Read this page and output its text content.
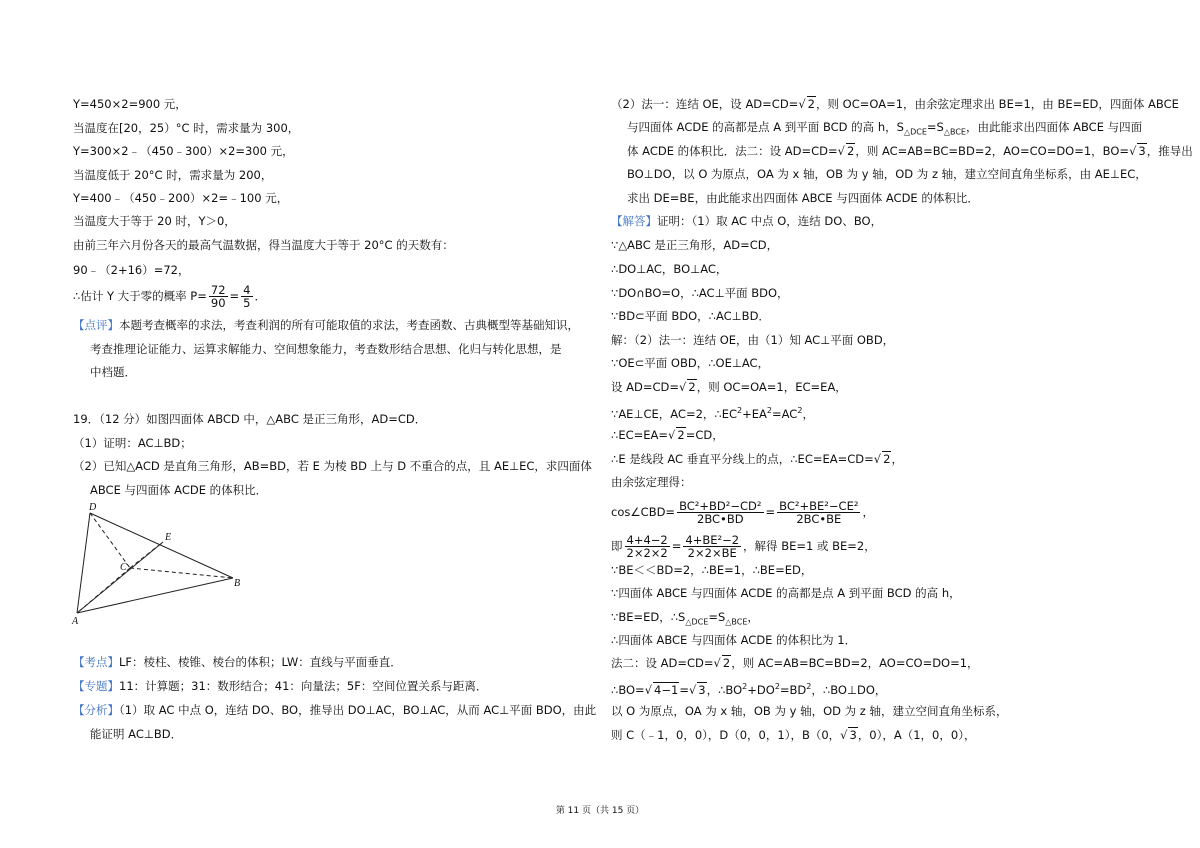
Y=450×2=900 元，
当温度在[20，25）°C 时，需求量为 300，
Y=300×2﹣（450﹣300）×2=300 元，
当温度低于 20°C 时，需求量为 200，
Y=400﹣（450﹣200）×2=﹣100 元，
当温度大于等于 20 时，Y＞0，
由前三年六月份各天的最高气温数据，得当温度大于等于 20°C 的天数有：
90﹣（2+16）=72，
∴估计 Y 大于零的概率 $P= \frac{72}{90} = \frac{4}{5}$ ．
【点评】本题考查概率的求法，考查利润的所有可能取值的求法，考查函数、古典概型等基础知识，
考查推理论证能力、运算求解能力、空间想象能力，考查数形结合思想、化归与转化思想，是
中档题．
19．（12 分）如图四面体 ABCD 中，△ABC 是正三角形，AD=CD．
（1）证明：AC⊥BD；
（2）已知△ACD 是直角三角形，AB=BD，若 E 为棱 BD 上与 D 不重合的点，且 AE⊥EC，求四面体
ABCE 与四面体 ACDE 的体积比．
D
E
C
B
A
【考点】LF：棱柱、棱锥、棱台的体积；LW：直线与平面垂直．
【专题】11：计算题；31：数形结合；41：向量法；5F：空间位置关系与距离．
【分析】（1）取 AC 中点 O，连结 DO、BO，推导出 DO⊥AC，BO⊥AC，从而 AC⊥平面 BDO，由此
能证明 AC⊥BD．
（2）法一：连结 OE，设 AD=CD=√ 2，则 OC=OA=1，由余弦定理求出 BE=1，由 BE=ED，四面体 ABCE
与四面体 ACDE 的高都是点 A 到平面 BCD 的高 h，$S_{\triangle DCE}=S_{\triangle BCE}$，由此能求出四面体 ABCE 与四面
体 ACDE 的体积比．法二：设 AD=CD=√ 2，则 AC=AB=BC=BD=2，AO=CO=DO=1，BO=√ 3，推导出
BO⊥DO，以 O 为原点，OA 为 x 轴，OB 为 y 轴，OD 为 z 轴，建立空间直角坐标系，由 AE⊥EC，
求出 DE=BE，由此能求出四面体 ABCE 与四面体 ACDE 的体积比．
【解答】证明：（1）取 AC 中点 O，连结 DO、BO，
∵△ABC 是正三角形，AD=CD，
∴DO⊥AC，BO⊥AC，
∵DO∩BO=O，∴AC⊥平面 BDO，
∵BD⊂平面 BDO，∴AC⊥BD．
解：（2）法一：连结 OE，由（1）知 AC⊥平面 OBD，
∵OE⊂平面 OBD，∴OE⊥AC，
设 AD=CD=√ 2，则 OC=OA=1，EC=EA，
∵AE⊥CE，AC=2，$\therefore EC^2+EA^2=AC^2$，
∴EC=EA=√ 2=CD，
∴E 是线段 AC 垂直平分线上的点，∴EC=EA=CD=√ 2，
由余弦定理得：
cos∠CBD= $\frac{\text{BC²+BD²−CD²}}{2BC•BD} = \frac{\text{BC²+BE²−CE²}}{2BC•BE}$ ，
即 $\frac{4+4-2}{2\times 2\times 2} = \frac{\text{4+BE²−2}}{2\times 2\times BE}$ ，解得 BE=1 或 BE=2，
∵BE＜＜BD=2，∴BE=1，∴BE=ED，
∵四面体 ABCE 与四面体 ACDE 的高都是点 A 到平面 BCD 的高 h，
∵BE=ED，$\therefore S_{\triangle DCE}=S_{\triangle BCE}$，
∴四面体 ABCE 与四面体 ACDE 的体积比为 1．
法二：设 AD=CD=√ 2，则 AC=AB=BC=BD=2，AO=CO=DO=1，
∴BO=√ 4−1=√ 3，$\therefore BO^2+DO^2=BD^2$，∴BO⊥DO，
以 O 为原点，OA 为 x 轴，OB 为 y 轴，OD 为 z 轴，建立空间直角坐标系，
则 C（﹣1，0，0），D（0，0，1），B（0，√ 3，0），A（1，0，0），
第 11 页（共 15 页）
